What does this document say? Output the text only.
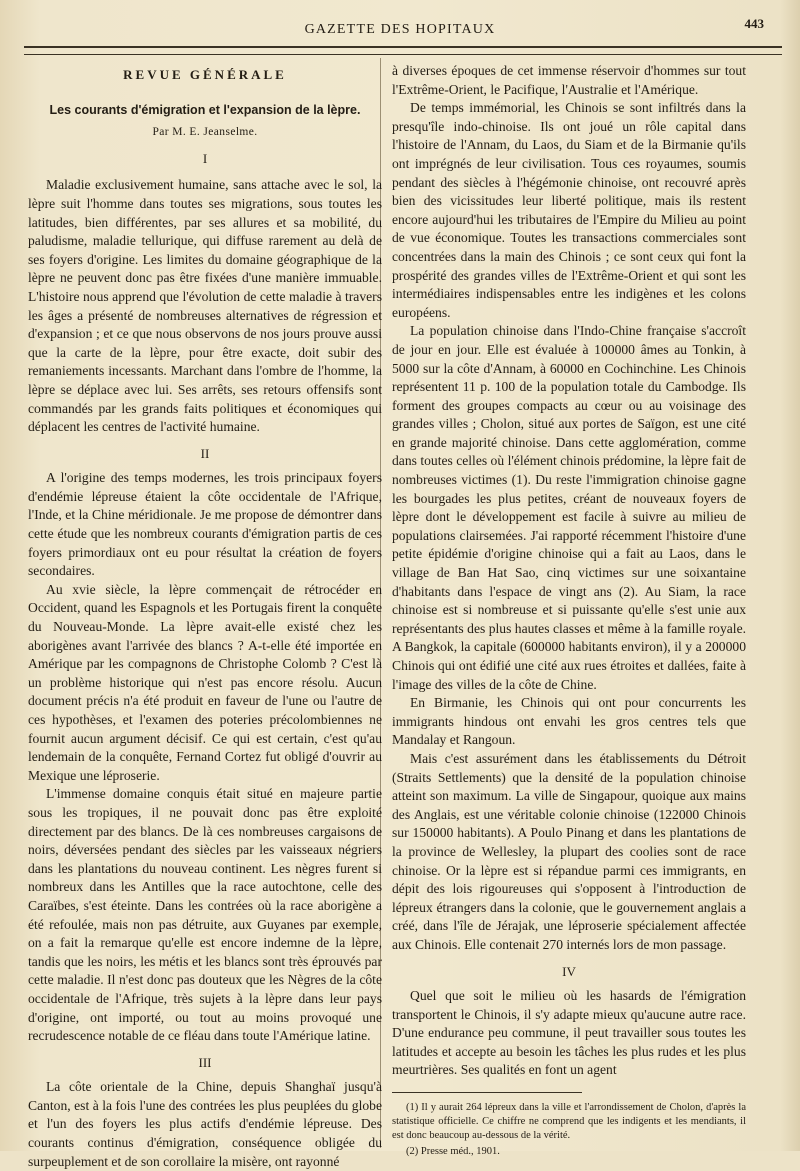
GAZETTE DES HOPITAUX	443
REVUE GÉNÉRALE
Les courants d'émigration et l'expansion de la lèpre.
Par M. E. Jeanselme.
I

Maladie exclusivement humaine, sans attache avec le sol, la lèpre suit l'homme dans toutes ses migrations, sous toutes les latitudes, bien différentes, par ses allures et sa mobilité, du paludisme, maladie tellurique, qui diffuse rarement au delà de ses foyers d'origine. Les limites du domaine géographique de la lèpre ne peuvent donc pas être fixées d'une manière immuable. L'histoire nous apprend que l'évolution de cette maladie à travers les âges a présenté de nombreuses alternatives de régression et d'expansion ; et ce que nous observons de nos jours prouve aussi que la carte de la lèpre, pour être exacte, doit subir des remaniements incessants. Marchant dans l'ombre de l'homme, la lèpre se déplace avec lui. Ses arrêts, ses retours offensifs sont commandés par les grands faits politiques et économiques qui déplacent les centres de l'activité humaine.

II

A l'origine des temps modernes, les trois principaux foyers d'endémie lépreuse étaient la côte occidentale de l'Afrique, l'Inde, et la Chine méridionale. Je me propose de démontrer dans cette étude que les nombreux courants d'émigration partis de ces foyers primordiaux ont eu pour résultat la création de foyers secondaires.

Au xvie siècle, la lèpre commençait de rétrocéder en Occident, quand les Espagnols et les Portugais firent la conquête du Nouveau-Monde. La lèpre avait-elle existé chez les aborigènes avant l'arrivée des blancs ? A-t-elle été importée en Amérique par les compagnons de Christophe Colomb ? C'est là un problème historique qui n'est pas encore résolu. Aucun document précis n'a été produit en faveur de l'une ou l'autre de ces hypothèses, et l'examen des poteries précolombiennes ne fournit aucun argument décisif. Ce qui est certain, c'est qu'au lendemain de la conquête, Fernand Cortez fut obligé d'ouvrir au Mexique une léproserie.

L'immense domaine conquis était situé en majeure partie sous les tropiques, il ne pouvait donc pas être exploité directement par des blancs. De là ces nombreuses cargaisons de noirs, déversées pendant des siècles par les vaisseaux négriers dans les plantations du nouveau continent. Les nègres furent si nombreux dans les Antilles que la race autochtone, celle des Caraïbes, s'est éteinte. Dans les contrées où la race aborigène a été refoulée, mais non pas détruite, aux Guyanes par exemple, on a fait la remarque qu'elle est encore indemne de la lèpre, tandis que les noirs, les métis et les blancs sont très éprouvés par cette maladie. Il n'est donc pas douteux que les Nègres de la côte occidentale de l'Afrique, très sujets à la lèpre dans leur pays d'origine, ont importé, ou tout au moins provoqué une recrudescence notable de ce fléau dans toute l'Amérique latine.

III

La côte orientale de la Chine, depuis Shanghaï jusqu'à Canton, est à la fois l'une des contrées les plus peuplées du globe et l'un des foyers les plus actifs d'endémie lépreuse. Des courants continus d'émigration, conséquence obligée du surpeuplement et de son corollaire la misère, ont rayonné

à diverses époques de cet immense réservoir d'hommes sur tout l'Extrême-Orient, le Pacifique, l'Australie et l'Amérique.

De temps immémorial, les Chinois se sont infiltrés dans la presqu'île indo-chinoise. Ils ont joué un rôle capital dans l'histoire de l'Annam, du Laos, du Siam et de la Birmanie qu'ils ont imprégnés de leur civilisation. Tous ces royaumes, soumis pendant des siècles à l'hégémonie chinoise, ont recouvré après bien des vicissitudes leur liberté politique, mais ils restent encore aujourd'hui les tributaires de l'Empire du Milieu au point de vue économique. Toutes les transactions commerciales sont concentrées dans la main des Chinois ; ce sont ceux qui font la prospérité des grandes villes de l'Extrême-Orient et qui sont les intermédiaires indispensables entre les indigènes et les colons européens.

La population chinoise dans l'Indo-Chine française s'accroît de jour en jour. Elle est évaluée à 100000 âmes au Tonkin, à 5000 sur la côte d'Annam, à 60000 en Cochinchine. Les Chinois représentent 11 p. 100 de la population totale du Cambodge. Ils forment des groupes compacts au cœur ou au voisinage des grandes villes ; Cholon, situé aux portes de Saïgon, est une cité en grande majorité chinoise. Dans cette agglomération, comme dans toutes celles où l'élément chinois prédomine, la lèpre fait de nombreuses victimes (1). Du reste l'immigration chinoise gagne les bourgades les plus petites, créant de nouveaux foyers de lèpre dont le développement est facile à suivre au milieu de populations clairsemées. J'ai rapporté récemment l'histoire d'une petite épidémie d'origine chinoise qui a fait au Laos, dans le village de Ban Hat Sao, cinq victimes sur une soixantaine d'habitants dans l'espace de vingt ans (2). Au Siam, la race chinoise est si nombreuse et si puissante qu'elle s'est unie aux représentants des plus hautes classes et même à la famille royale. A Bangkok, la capitale (600000 habitants environ), il y a 200000 Chinois qui ont édifié une cité aux rues étroites et dallées, faite à l'image des villes de la côte de Chine.

En Birmanie, les Chinois qui ont pour concurrents les immigrants hindous ont envahi les gros centres tels que Mandalay et Rangoun.

Mais c'est assurément dans les établissements du Détroit (Straits Settlements) que la densité de la population chinoise atteint son maximum. La ville de Singapour, quoique aux mains des Anglais, est une véritable colonie chinoise (122000 Chinois sur 150000 habitants). A Poulo Pinang et dans les plantations de la province de Wellesley, la plupart des coolies sont de race chinoise. Or la lèpre est si répandue parmi ces immigrants, en dépit des lois rigoureuses qui s'opposent à l'introduction de lépreux étrangers dans la colonie, que le gouvernement anglais a créé, dans l'île de Jérajak, une léproserie spécialement affectée aux Chinois. Elle contenait 270 internés lors de mon passage.

IV

Quel que soit le milieu où les hasards de l'émigration transportent le Chinois, il s'y adapte mieux qu'aucune autre race. D'une endurance peu commune, il peut travailler sous toutes les latitudes et accepte au besoin les tâches les plus rudes et les plus meurtrières. Ses qualités en font un agent

(1) Il y aurait 264 lépreux dans la ville et l'arrondissement de Cholon, d'après la statistique officielle. Ce chiffre ne comprend que les indigents et les mendiants, il est donc beaucoup au-dessous de la vérité.

(2) Presse méd., 1901.
